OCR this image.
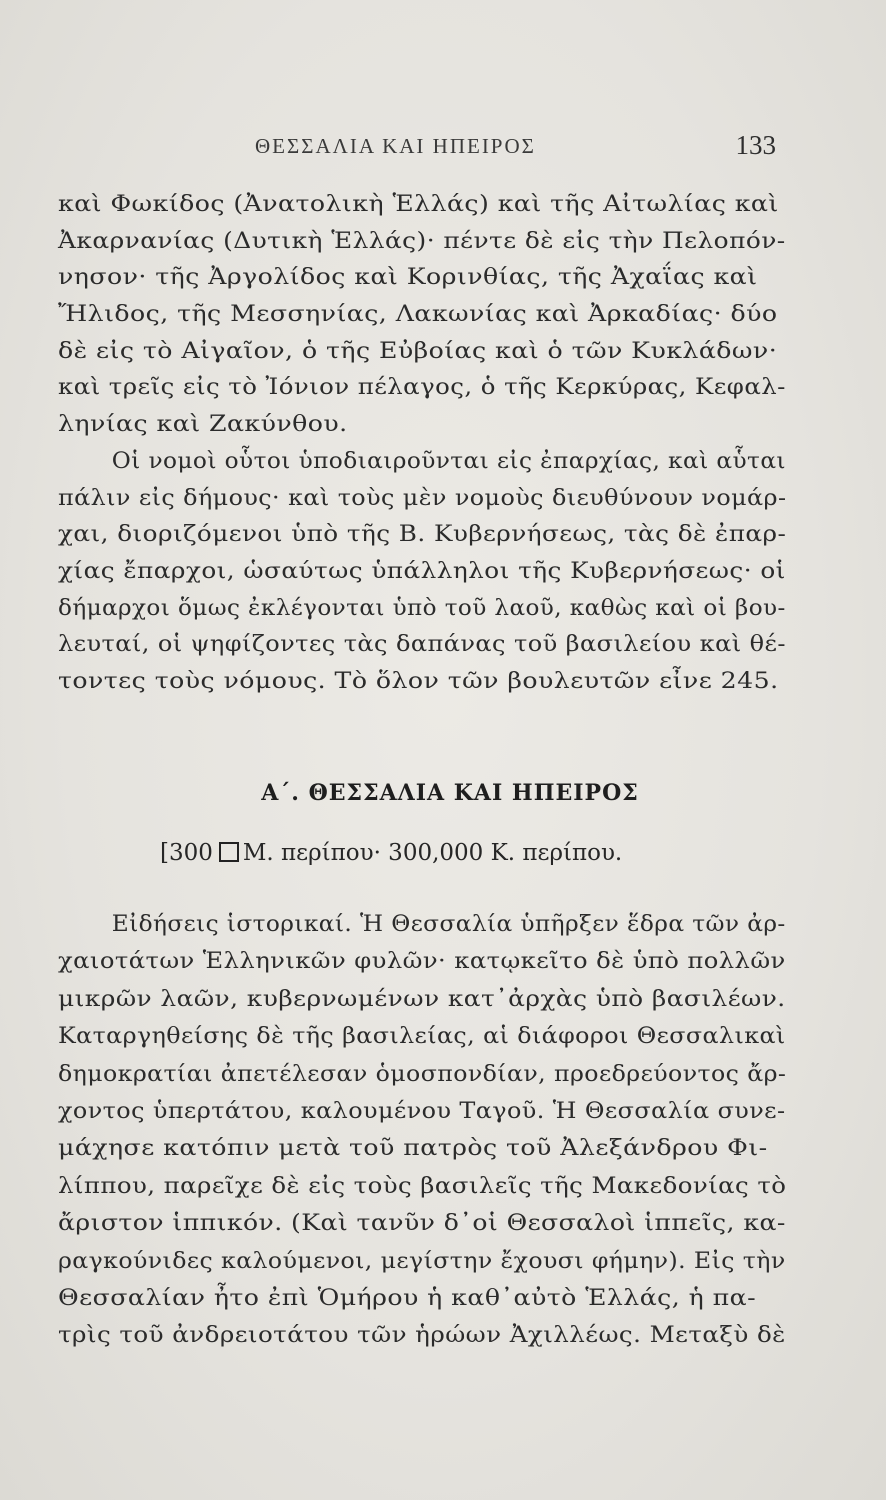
ΘΕΣΣΑΛΙΑ ΚΑΙ ΗΠΕΙΡΟΣ	133
καὶ Φωκίδος (Ἀνατολικὴ Ἑλλάς) καὶ τῆς Αἰτωλίας καὶ
Ἀκαρνανίας (Δυτικὴ Ἑλλάς)· πέντε δὲ εἰς τὴν Πελοπόν-
νησον· τῆς Ἀργολίδος καὶ Κορινθίας, τῆς Ἀχαΐας καὶ
Ἤλιδος, τῆς Μεσσηνίας, Λακωνίας καὶ Ἀρκαδίας· δύο
δὲ εἰς τὸ Αἰγαῖον, ὁ τῆς Εὐβοίας καὶ ὁ τῶν Κυκλάδων·
καὶ τρεῖς εἰς τὸ Ἰόνιον πέλαγος, ὁ τῆς Κερκύρας, Κεφαλ-
ληνίας καὶ Ζακύνθου.
Οἱ νομοὶ οὗτοι ὑποδιαιροῦνται εἰς ἐπαρχίας, καὶ αὗται
πάλιν εἰς δήμους· καὶ τοὺς μὲν νομοὺς διευθύνουν νομάρ-
χαι, διοριζόμενοι ὑπὸ τῆς Β. Κυβερνήσεως, τὰς δὲ ἐπαρ-
χίας ἔπαρχοι, ὡσαύτως ὑπάλληλοι τῆς Κυβερνήσεως· οἱ
δήμαρχοι ὅμως ἐκλέγονται ὑπὸ τοῦ λαοῦ, καθὼς καὶ οἱ βου-
λευταί, οἱ ψηφίζοντες τὰς δαπάνας τοῦ βασιλείου καὶ θέ-
τοντες τοὺς νόμους. Τὸ ὅλον τῶν βουλευτῶν εἶνε 245.
Α΄. ΘΕΣΣΑΛΙΑ ΚΑΙ ΗΠΕΙΡΟΣ
[300 Μ. περίπου· 300,000 Κ. περίπου.
Εἰδήσεις ἱστορικαί. Ἡ Θεσσαλία ὑπῆρξεν ἕδρα τῶν ἀρ-
χαιοτάτων Ἑλληνικῶν φυλῶν· κατῳκεῖτο δὲ ὑπὸ πολλῶν
μικρῶν λαῶν, κυβερνωμένων κατ᾽ἀρχὰς ὑπὸ βασιλέων.
Καταργηθείσης δὲ τῆς βασιλείας, αἱ διάφοροι Θεσσαλικαὶ
δημοκρατίαι ἀπετέλεσαν ὁμοσπονδίαν, προεδρεύοντος ἄρ-
χοντος ὑπερτάτου, καλουμένου Ταγοῦ. Ἡ Θεσσαλία συνε-
μάχησε κατόπιν μετὰ τοῦ πατρὸς τοῦ Ἀλεξάνδρου Φι-
λίππου, παρεῖχε δὲ εἰς τοὺς βασιλεῖς τῆς Μακεδονίας τὸ
ἄριστον ἱππικόν. (Καὶ τανῦν δ᾽οἱ Θεσσαλοὶ ἱππεῖς, κα-
ραγκούνιδες καλούμενοι, μεγίστην ἔχουσι φήμην). Εἰς τὴν
Θεσσαλίαν ἦτο ἐπὶ Ὁμήρου ἡ καθ᾽αὐτὸ Ἑλλάς, ἡ πα-
τρὶς τοῦ ἀνδρειοτάτου τῶν ἡρώων Ἀχιλλέως. Μεταξὺ δὲ
